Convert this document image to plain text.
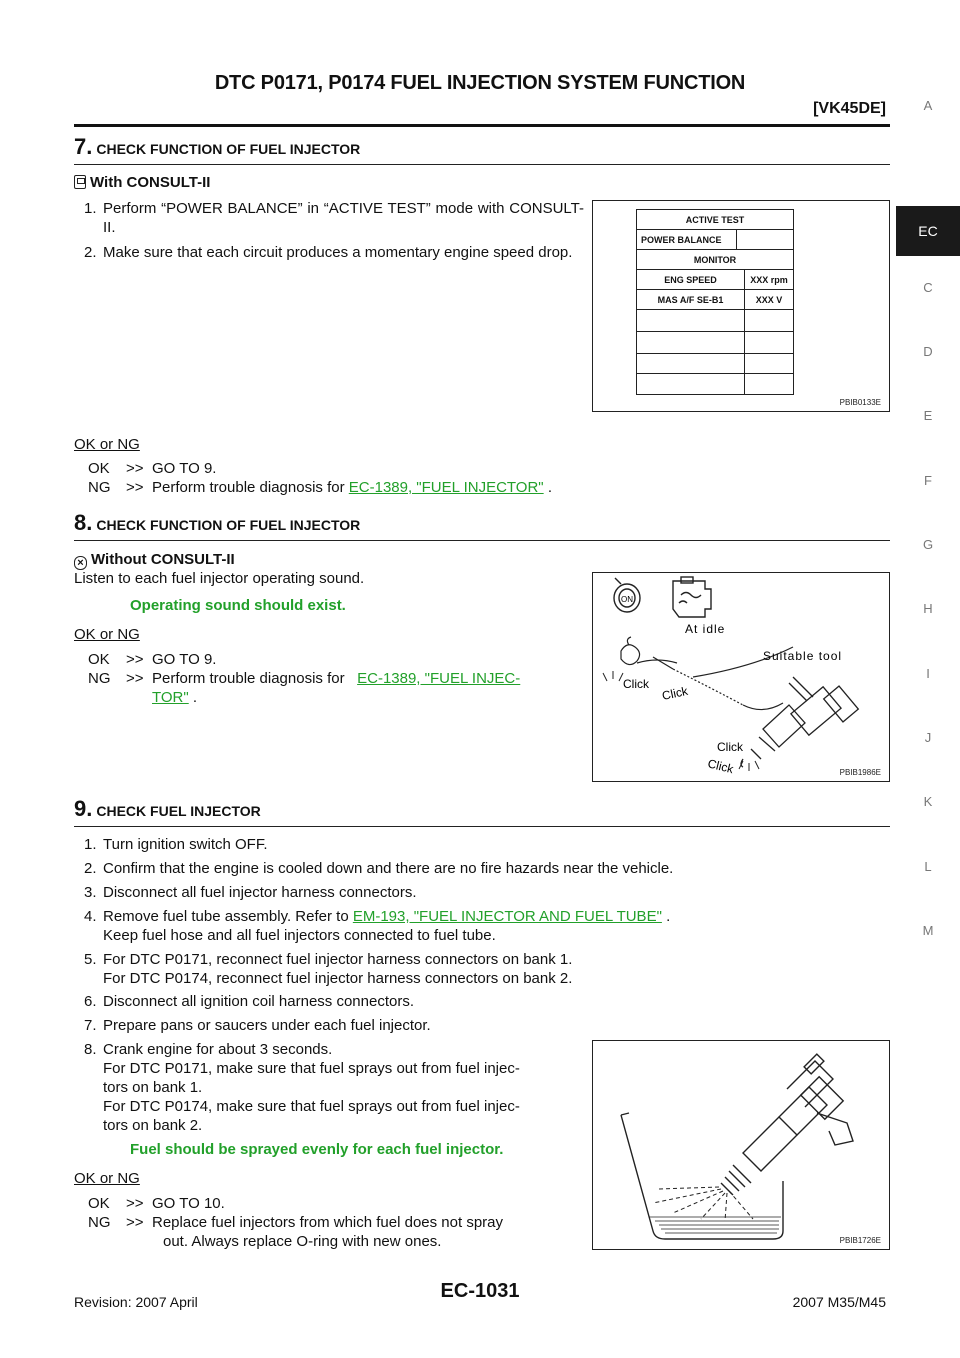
DTC P0171, P0174 FUEL INJECTION SYSTEM FUNCTION
[VK45DE]	A
EC
C
D
E
F
G
H
I
J
K
L
M
7. CHECK FUNCTION OF FUEL INJECTOR
With CONSULT-II
1. Perform “POWER BALANCE” in “ACTIVE TEST” mode with CONSULT-II.
2. Make sure that each circuit produces a momentary engine speed drop.
ACTIVE TEST
POWER BALANCE
MONITOR
ENG SPEED	XXX rpm
MAS A/F SE-B1	XXX V
PBIB0133E
OK or NG
OK >> GO TO 9.
NG >> Perform trouble diagnosis for EC-1389, "FUEL INJECTOR" .
8. CHECK FUNCTION OF FUEL INJECTOR
× Without CONSULT-II
Listen to each fuel injector operating sound.
Operating sound should exist.
OK or NG
OK >> GO TO 9.
NG >> Perform trouble diagnosis for EC-1389, "FUEL INJEC-
TOR" .
ON
At idle
Suitable tool
Click Click
Click
Click	PBIB1986E
9. CHECK FUEL INJECTOR
1. Turn ignition switch OFF.
2. Confirm that the engine is cooled down and there are no fire hazards near the vehicle.
3. Disconnect all fuel injector harness connectors.
4. Remove fuel tube assembly. Refer to EM-193, "FUEL INJECTOR AND FUEL TUBE" .
Keep fuel hose and all fuel injectors connected to fuel tube.
5. For DTC P0171, reconnect fuel injector harness connectors on bank 1.
For DTC P0174, reconnect fuel injector harness connectors on bank 2.
6. Disconnect all ignition coil harness connectors.
7. Prepare pans or saucers under each fuel injector.
8. Crank engine for about 3 seconds.
For DTC P0171, make sure that fuel sprays out from fuel injec-
tors on bank 1.
For DTC P0174, make sure that fuel sprays out from fuel injec-
tors on bank 2.
Fuel should be sprayed evenly for each fuel injector.
OK or NG
OK >> GO TO 10.
NG >> Replace fuel injectors from which fuel does not spray
out. Always replace O-ring with new ones.	PBIB1726E
Revision: 2007 April	EC-1031	2007 M35/M45
